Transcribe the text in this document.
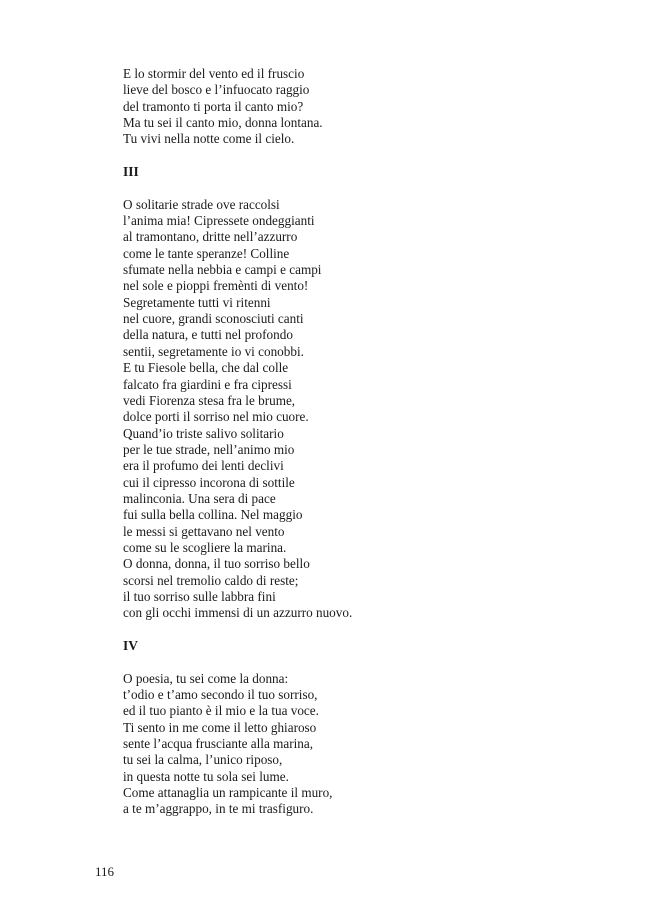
E lo stormir del vento ed il fruscio
lieve del bosco e l’infuocato raggio
del tramonto ti porta il canto mio?
Ma tu sei il canto mio, donna lontana.
Tu vivi nella notte come il cielo.
III
O solitarie strade ove raccolsi
l’anima mia! Cipressete ondeggianti
al tramontano, dritte nell’azzurro
come le tante speranze! Colline
sfumate nella nebbia e campi e campi
nel sole e pioppi fremènti di vento!
Segretamente tutti vi ritenni
nel cuore, grandi sconosciuti canti
della natura, e tutti nel profondo
sentii, segretamente io vi conobbi.
E tu Fiesole bella, che dal colle
falcato fra giardini e fra cipressi
vedi Fiorenza stesa fra le brume,
dolce porti il sorriso nel mio cuore.
Quand’io triste salivo solitario
per le tue strade, nell’animo mio
era il profumo dei lenti declivi
cui il cipresso incorona di sottile
malinconia. Una sera di pace
fui sulla bella collina. Nel maggio
le messi si gettavano nel vento
come su le scogliere la marina.
O donna, donna, il tuo sorriso bello
scorsi nel tremolio caldo di reste;
il tuo sorriso sulle labbra fini
con gli occhi immensi di un azzurro nuovo.
IV
O poesia, tu sei come la donna:
t’odio e t’amo secondo il tuo sorriso,
ed il tuo pianto è il mio e la tua voce.
Ti sento in me come il letto ghiaroso
sente l’acqua frusciante alla marina,
tu sei la calma, l’unico riposo,
in questa notte tu sola sei lume.
Come attanaglia un rampicante il muro,
a te m’aggrappo, in te mi trasfiguro.
116
